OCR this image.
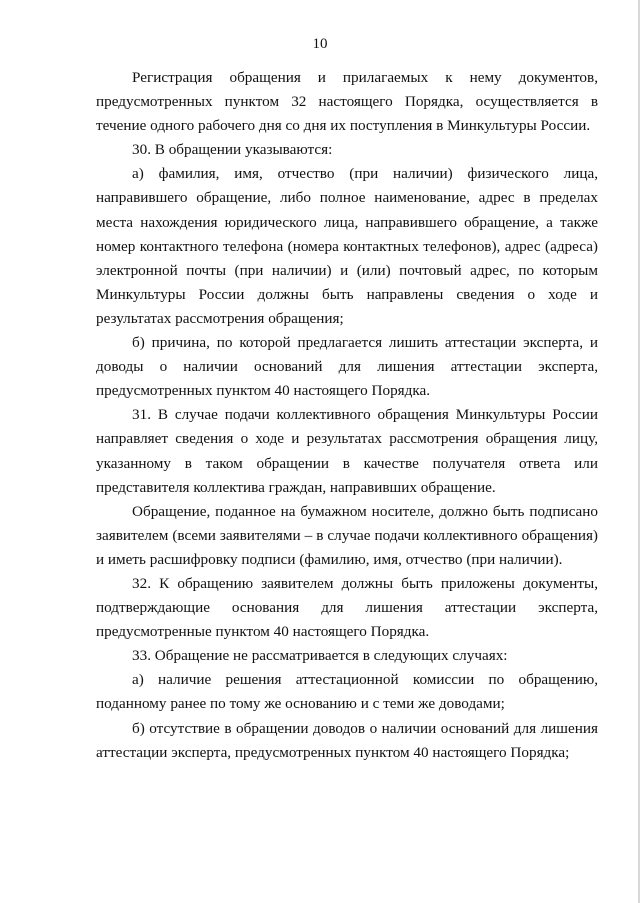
10

Регистрация обращения и прилагаемых к нему документов, предусмотренных пунктом 32 настоящего Порядка, осуществляется в течение одного рабочего дня со дня их поступления в Минкультуры России.

30. В обращении указываются:

а) фамилия, имя, отчество (при наличии) физического лица, направившего обращение, либо полное наименование, адрес в пределах места нахождения юридического лица, направившего обращение, а также номер контактного телефона (номера контактных телефонов), адрес (адреса) электронной почты (при наличии) и (или) почтовый адрес, по которым Минкультуры России должны быть направлены сведения о ходе и результатах рассмотрения обращения;

б) причина, по которой предлагается лишить аттестации эксперта, и доводы о наличии оснований для лишения аттестации эксперта, предусмотренных пунктом 40 настоящего Порядка.

31. В случае подачи коллективного обращения Минкультуры России направляет сведения о ходе и результатах рассмотрения обращения лицу, указанному в таком обращении в качестве получателя ответа или представителя коллектива граждан, направивших обращение.

Обращение, поданное на бумажном носителе, должно быть подписано заявителем (всеми заявителями – в случае подачи коллективного обращения) и иметь расшифровку подписи (фамилию, имя, отчество (при наличии).

32. К обращению заявителем должны быть приложены документы, подтверждающие основания для лишения аттестации эксперта, предусмотренные пунктом 40 настоящего Порядка.

33. Обращение не рассматривается в следующих случаях:

а) наличие решения аттестационной комиссии по обращению, поданному ранее по тому же основанию и с теми же доводами;

б) отсутствие в обращении доводов о наличии оснований для лишения аттестации эксперта, предусмотренных пунктом 40 настоящего Порядка;
